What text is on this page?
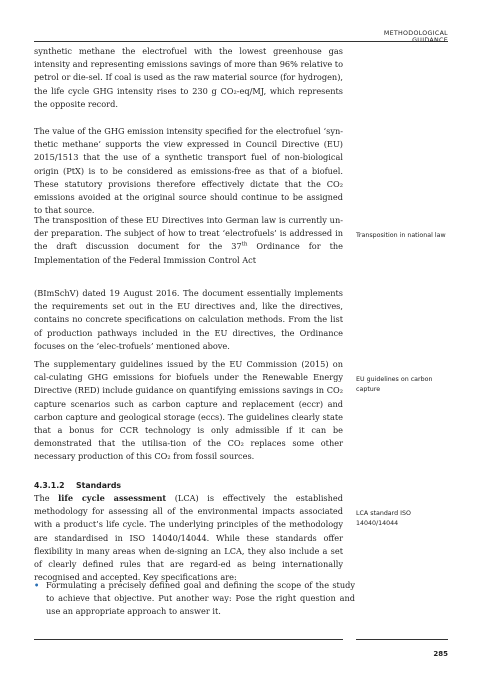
METHODOLOGICAL GUIDANCE

synthetic methane the electrofuel with the lowest greenhouse gas intensity and representing emissions savings of more than 96% relative to petrol or die-sel. If coal is used as the raw material source (for hydrogen), the life cycle GHG intensity rises to 230 g CO₂-eq/MJ, which represents the opposite record.

The value of the GHG emission intensity specified for the electrofuel ‘syn-thetic methane’ supports the view expressed in Council Directive (EU) 2015/1513 that the use of a synthetic transport fuel of non-biological origin (PtX) is to be considered as emissions-free as that of a biofuel. These statutory provisions therefore effectively dictate that the CO₂ emissions avoided at the original source should continue to be assigned to that source.

The transposition of these EU Directives into German law is currently un-der preparation. The subject of how to treat ‘electrofuels’ is addressed in the draft discussion document for the 37th Ordinance for the Implementation of the Federal Immission Control Act

(BImSchV) dated 19 August 2016. The document essentially implements the requirements set out in the EU directives and, like the directives, contains no concrete specifications on calculation methods. From the list of production pathways included in the EU directives, the Ordinance focuses on the ‘elec-trofuels’ mentioned above.

The supplementary guidelines issued by the EU Commission (2015) on cal-culating GHG emissions for biofuels under the Renewable Energy Directive (RED) include guidance on quantifying emissions savings in CO₂ capture scenarios such as carbon capture and replacement (eccr) and carbon capture and geological storage (eccs). The guidelines clearly state that a bonus for CCR technology is only admissible if it can be demonstrated that the utilisa-tion of the CO₂ replaces some other necessary production of this CO₂ from fossil sources.

4.3.1.2 Standards

The life cycle assessment (LCA) is effectively the established methodology for assessing all of the environmental impacts associated with a product’s life cycle. The underlying principles of the methodology are standardised in ISO 14040/14044. While these standards offer flexibility in many areas when de-signing an LCA, they also include a set of clearly defined rules that are regard-ed as being internationally recognised and accepted. Key specifications are:

• Formulating a precisely defined goal and defining the scope of the study to achieve that objective. Put another way: Pose the right question and use an appropriate approach to answer it.
Transposition in national law
EU guidelines on carbon capture
LCA standard ISO 14040/14044
285
